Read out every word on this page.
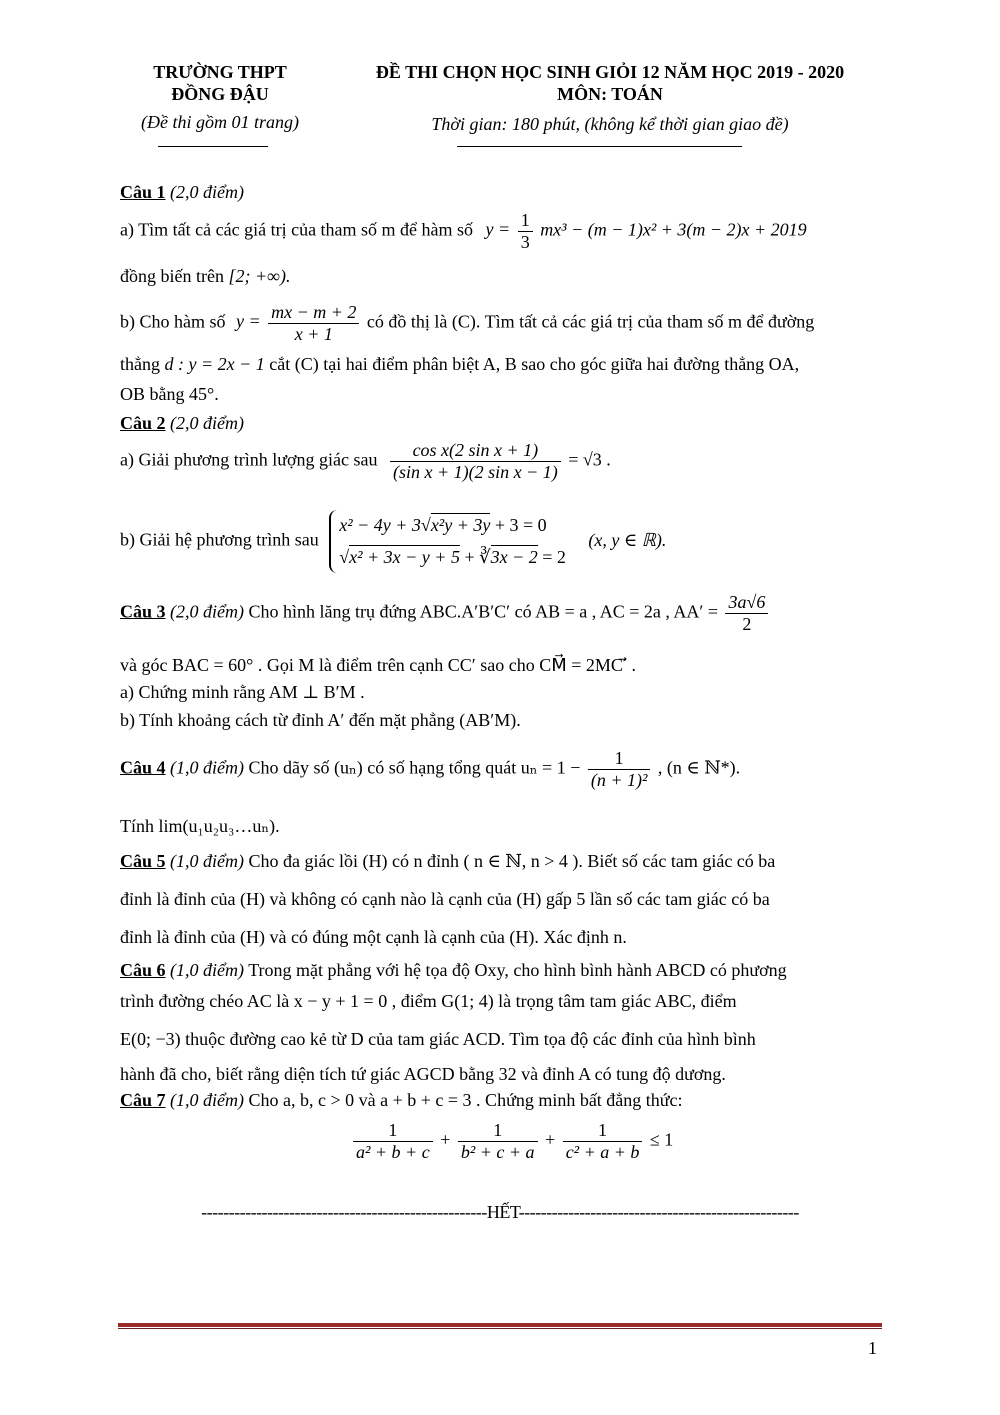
TRƯỜNG THPT
ĐỒNG ĐẬU
(Đề thi gồm 01 trang)
ĐỀ THI CHỌN HỌC SINH GIỎI 12 NĂM HỌC 2019 - 2020
MÔN: TOÁN
Thời gian: 180 phút, (không kể thời gian giao đề)
Câu 1 (2,0 điểm)
a) Tìm tất cả các giá trị của tham số m để hàm số $y = \frac{1}{3} mx^3 - (m - 1)x^2 + 3(m - 2)x + 2019$
đồng biến trên [2; +∞).
b) Cho hàm số $y = \frac{mx - m + 2}{x + 1}$ có đồ thị là (C). Tìm tất cả các giá trị của tham số m để đường
thẳng d : y = 2x − 1 cắt (C) tại hai điểm phân biệt A, B sao cho góc giữa hai đường thẳng OA,
OB bằng 45°.
Câu 2 (2,0 điểm)
a) Giải phương trình lượng giác sau $\frac{\text{cos x(2 sin x + 1)}}{\text{(sin x + 1)(2 sin x − 1)}} = √3$ .
b) Giải hệ phương trình sau
x² − 4y + 3√x²y + 3y + 3 = 0
√x² + 3x − y + 5 + ∛3x − 2 = 2
(x, y ∈ ℝ).
Câu 3 (2,0 điểm) Cho hình lăng trụ đứng ABC.A′B′C′ có AB = a , AC = 2a , $AA' = \frac{3a√6}{2}$
và góc BAC = 60° . Gọi M là điểm trên cạnh CC′ sao cho CM⃗ = 2MC′⃗ .
a) Chứng minh rằng AM ⊥ B′M .
b) Tính khoảng cách từ đỉnh A′ đến mặt phẳng (AB′M).
Câu 4 (1,0 điểm) Cho dãy số (uₙ) có số hạng tổng quát $u_n = 1 - \frac{1}{\text{(n + 1)²}}$ , (n ∈ ℕ*).
Tính lim(u₁u₂u₃…uₙ).
Câu 5 (1,0 điểm) Cho đa giác lồi (H) có n đỉnh ( n ∈ ℕ, n > 4 ). Biết số các tam giác có ba
đỉnh là đỉnh của (H) và không có cạnh nào là cạnh của (H) gấp 5 lần số các tam giác có ba
đỉnh là đỉnh của (H) và có đúng một cạnh là cạnh của (H). Xác định n.
Câu 6 (1,0 điểm) Trong mặt phẳng với hệ tọa độ Oxy, cho hình bình hành ABCD có phương
trình đường chéo AC là x − y + 1 = 0 , điểm G(1; 4) là trọng tâm tam giác ABC, điểm
E(0; −3) thuộc đường cao kẻ từ D của tam giác ACD. Tìm tọa độ các đỉnh của hình bình
hành đã cho, biết rằng diện tích tứ giác AGCD bằng 32 và đỉnh A có tung độ dương.
Câu 7 (1,0 điểm) Cho a, b, c > 0 và a + b + c = 3 . Chứng minh bất đẳng thức:
$\frac{1}{\text{a² + b + c}} + \frac{1}{\text{b² + c + a}} + \frac{1}{\text{c² + a + b}} \le 1$
----------------------------------------------------HẾT---------------------------------------------------
1
